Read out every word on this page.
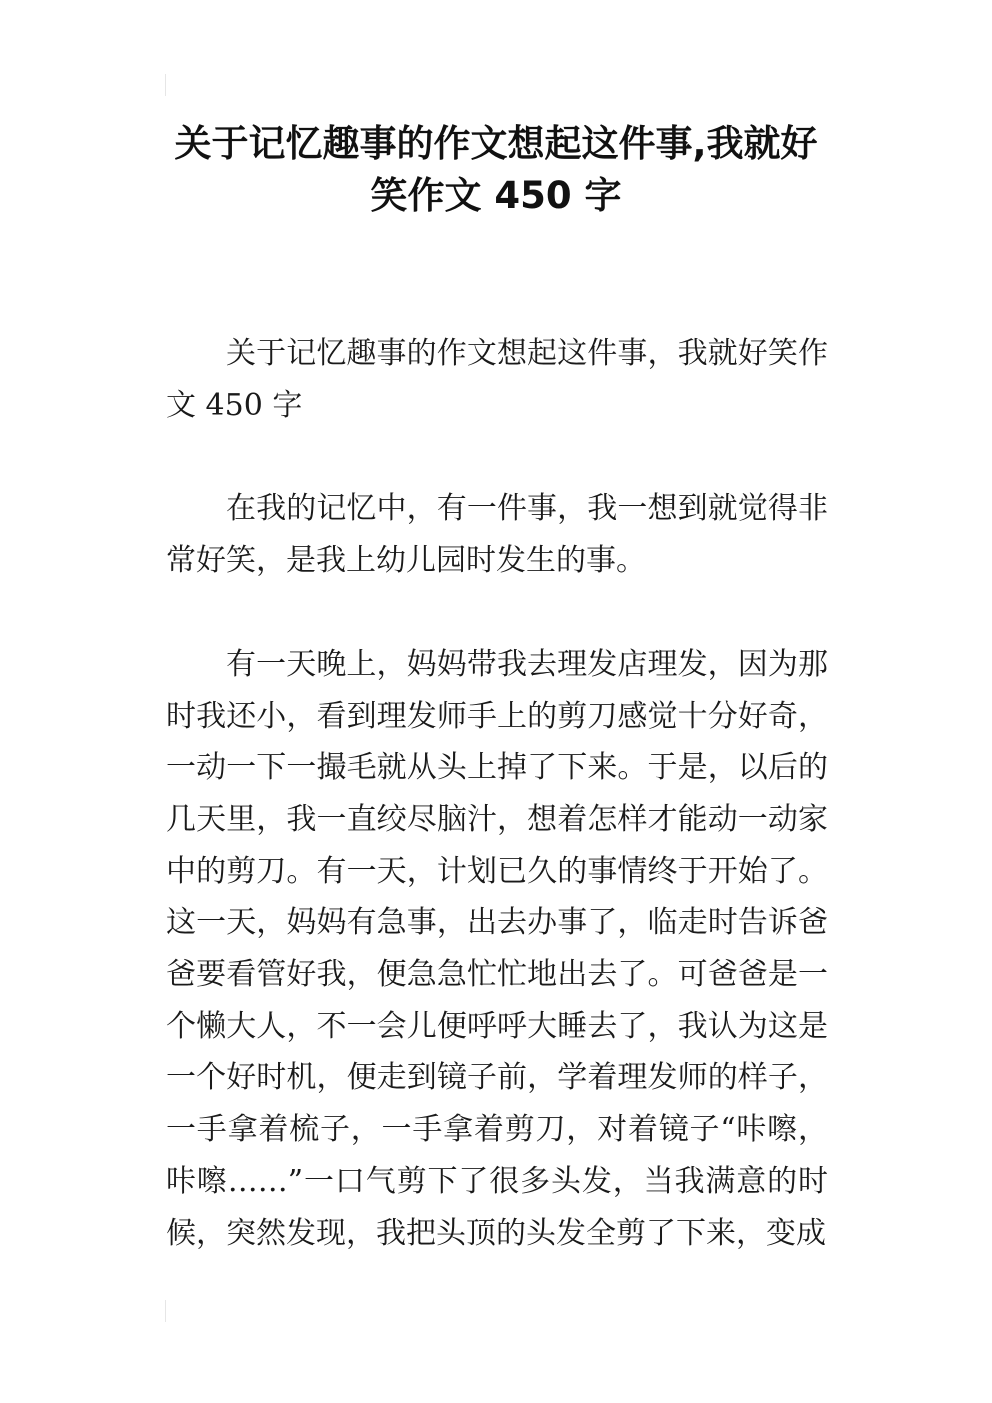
关于记忆趣事的作文想起这件事,我就好笑作文 450 字

关于记忆趣事的作文想起这件事，我就好笑作文 450 字

在我的记忆中，有一件事，我一想到就觉得非常好笑，是我上幼儿园时发生的事。

有一天晚上，妈妈带我去理发店理发，因为那时我还小，看到理发师手上的剪刀感觉十分好奇，一动一下一撮毛就从头上掉了下来。于是，以后的几天里，我一直绞尽脑汁，想着怎样才能动一动家中的剪刀。有一天，计划已久的事情终于开始了。这一天，妈妈有急事，出去办事了，临走时告诉爸爸要看管好我，便急急忙忙地出去了。可爸爸是一个懒大人，不一会儿便呼呼大睡去了，我认为这是一个好时机，便走到镜子前，学着理发师的样子，一手拿着梳子，一手拿着剪刀，对着镜子“咔嚓，咔嚓……”一口气剪下了很多头发，当我满意的时候，突然发现，我把头顶的头发全剪了下来，变成
